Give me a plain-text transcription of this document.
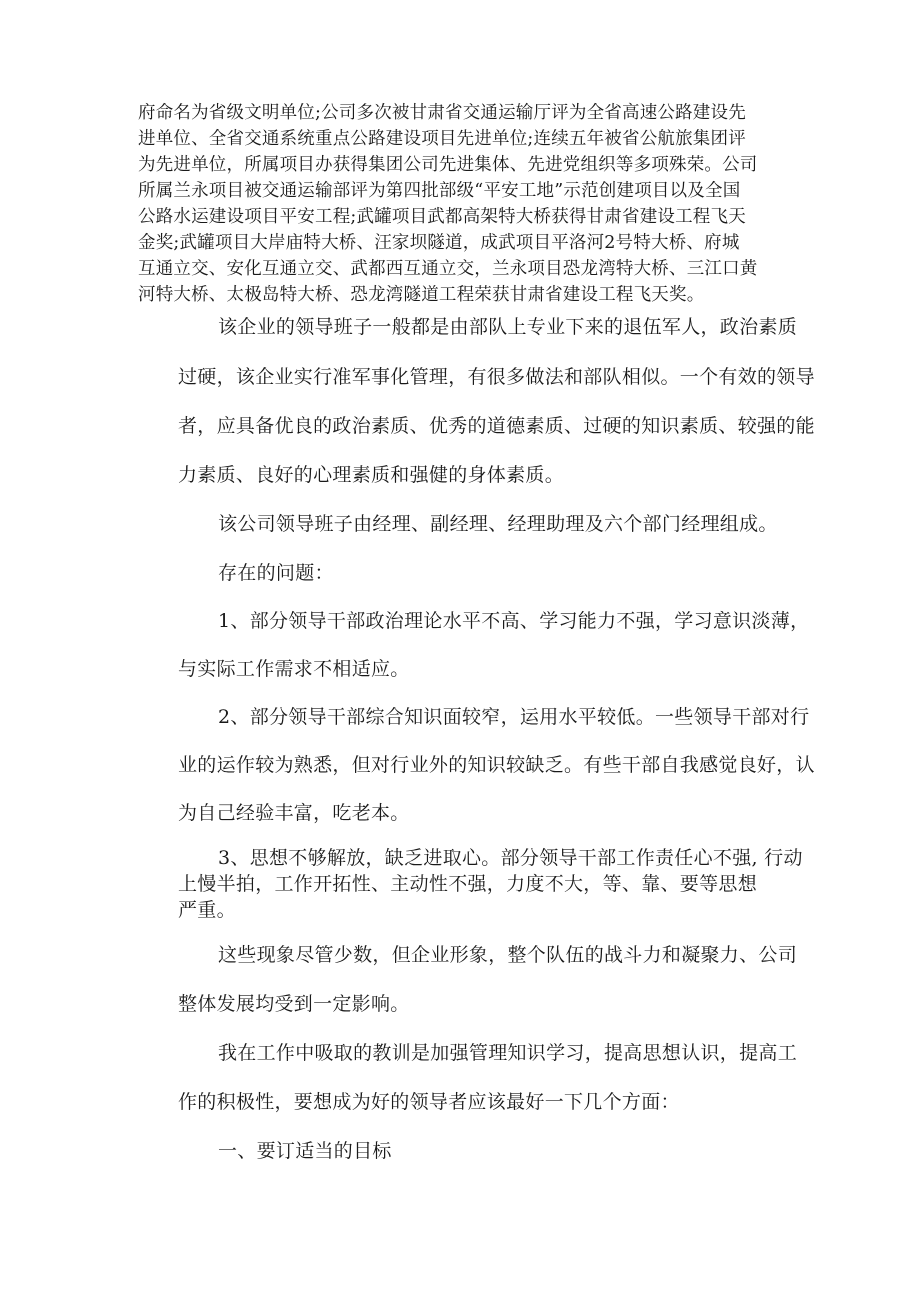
府命名为省级文明单位;公司多次被甘肃省交通运输厅评为全省高速公路建设先
进单位、全省交通系统重点公路建设项目先进单位;连续五年被省公航旅集团评
为先进单位，所属项目办获得集团公司先进集体、先进党组织等多项殊荣。公司
所属兰永项目被交通运输部评为第四批部级“平安工地”示范创建项目以及全国
公路水运建设项目平安工程;武罐项目武都高架特大桥获得甘肃省建设工程飞天
金奖;武罐项目大岸庙特大桥、汪家坝隧道，成武项目平洛河2号特大桥、府城
互通立交、安化互通立交、武都西互通立交，兰永项目恐龙湾特大桥、三江口黄
河特大桥、太极岛特大桥、恐龙湾隧道工程荣获甘肃省建设工程飞天奖。
该企业的领导班子一般都是由部队上专业下来的退伍军人，政治素质
过硬，该企业实行准军事化管理，有很多做法和部队相似。一个有效的领导
者，应具备优良的政治素质、优秀的道德素质、过硬的知识素质、较强的能
力素质、良好的心理素质和强健的身体素质。
该公司领导班子由经理、副经理、经理助理及六个部门经理组成。
存在的问题：
1、部分领导干部政治理论水平不高、学习能力不强，学习意识淡薄，
与实际工作需求不相适应。
2、部分领导干部综合知识面较窄，运用水平较低。一些领导干部对行
业的运作较为熟悉，但对行业外的知识较缺乏。有些干部自我感觉良好，认
为自己经验丰富，吃老本。
3、思想不够解放，缺乏进取心。部分领导干部工作责任心不强, 行动
上慢半拍，工作开拓性、主动性不强，力度不大，等、靠、要等思想
严重。
这些现象尽管少数，但企业形象，整个队伍的战斗力和凝聚力、公司
整体发展均受到一定影响。
我在工作中吸取的教训是加强管理知识学习，提高思想认识，提高工
作的积极性，要想成为好的领导者应该最好一下几个方面：
一、要订适当的目标
